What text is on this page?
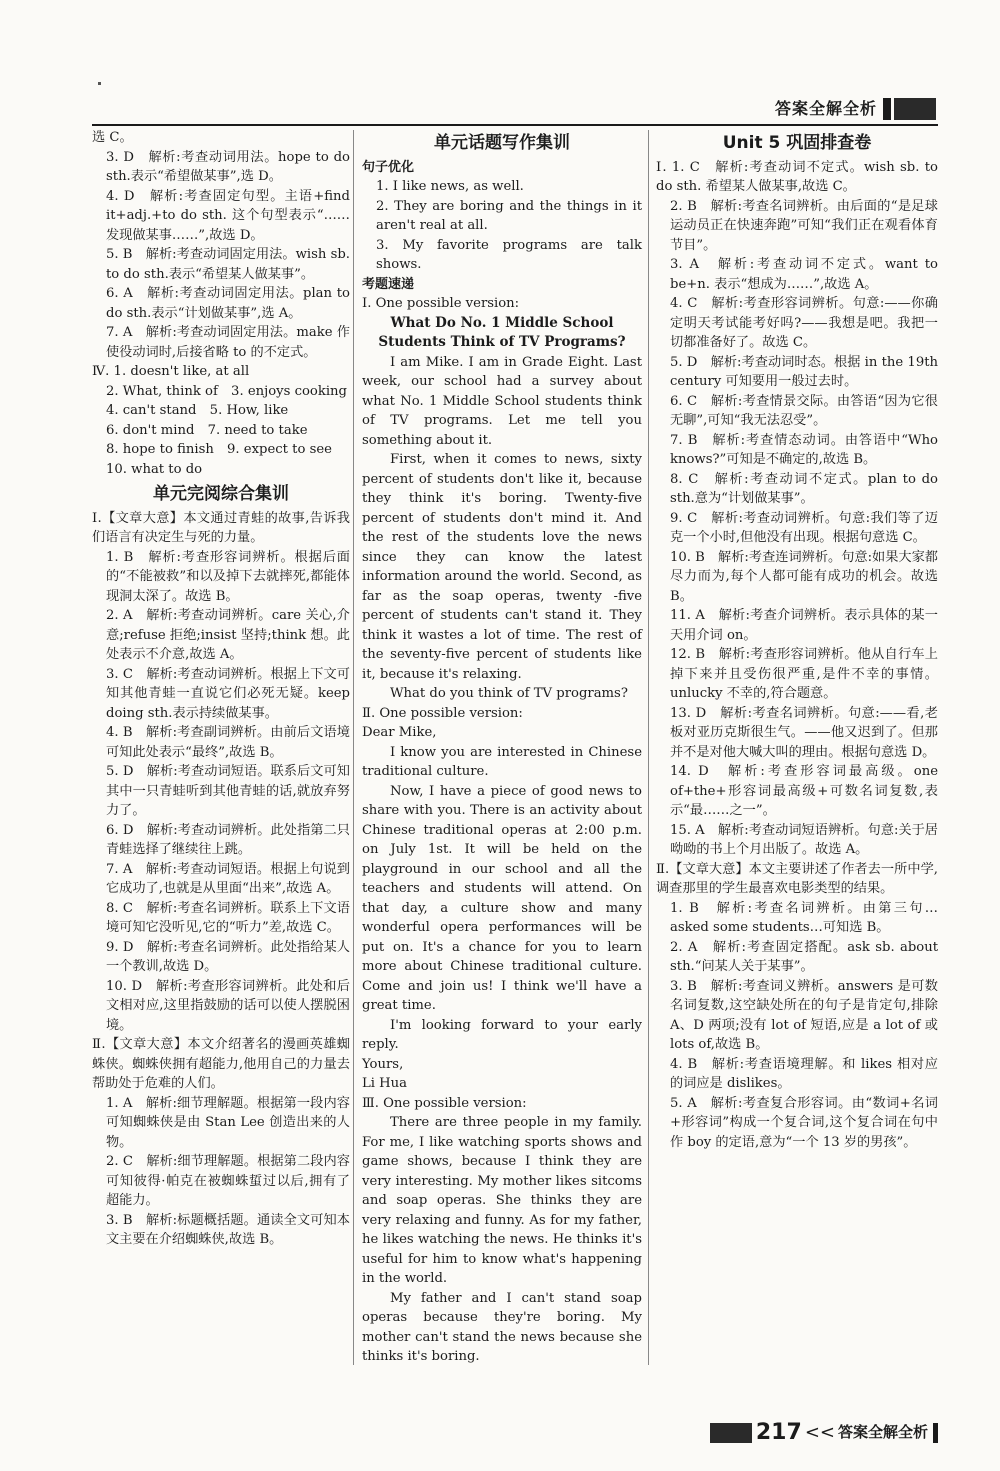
答案全解全析

选 C。

3. D　解析:考查动词用法。hope to do sth.表示“希望做某事”,选 D。

4. D　解析:考查固定句型。主语+find it+adj.+to do sth. 这个句型表示“……发现做某事……”,故选 D。

5. B　解析:考查动词固定用法。wish sb. to do sth.表示“希望某人做某事”。

6. A　解析:考查动词固定用法。plan to do sth.表示“计划做某事”,选 A。

7. A　解析:考查动词固定用法。make 作使役动词时,后接省略 to 的不定式。

Ⅳ. 1. doesn't like, at all

2. What, think of　3. enjoys cooking

4. can't stand　5. How, like

6. don't mind　7. need to take

8. hope to finish　9. expect to see

10. what to do

单元完阅综合集训

Ⅰ.【文章大意】本文通过青蛙的故事,告诉我们语言有决定生与死的力量。

1. B　解析:考查形容词辨析。根据后面的“不能被救”和以及掉下去就摔死,都能体现洞太深了。故选 B。

2. A　解析:考查动词辨析。care 关心,介意;refuse 拒绝;insist 坚持;think 想。此处表示不介意,故选 A。

3. C　解析:考查动词辨析。根据上下文可知其他青蛙一直说它们必死无疑。keep doing sth.表示持续做某事。

4. B　解析:考查副词辨析。由前后文语境可知此处表示“最终”,故选 B。

5. D　解析:考查动词短语。联系后文可知其中一只青蛙听到其他青蛙的话,就放弃努力了。

6. D　解析:考查动词辨析。此处指第二只青蛙选择了继续往上跳。

7. A　解析:考查动词短语。根据上句说到它成功了,也就是从里面“出来”,故选 A。

8. C　解析:考查名词辨析。联系上下文语境可知它没听见,它的“听力”差,故选 C。

9. D　解析:考查名词辨析。此处指给某人一个教训,故选 D。

10. D　解析:考查形容词辨析。此处和后文相对应,这里指鼓励的话可以使人摆脱困境。

Ⅱ.【文章大意】本文介绍著名的漫画英雄蜘蛛侠。蜘蛛侠拥有超能力,他用自己的力量去帮助处于危难的人们。

1. A　解析:细节理解题。根据第一段内容可知蜘蛛侠是由 Stan Lee 创造出来的人物。

2. C　解析:细节理解题。根据第二段内容可知彼得·帕克在被蜘蛛蜇过以后,拥有了超能力。

3. B　解析:标题概括题。通读全文可知本文主要在介绍蜘蛛侠,故选 B。

单元话题写作集训
句子优化

1. I like news, as well.

2. They are boring and the things in it aren't real at all.

3. My favorite programs are talk shows.

考题速递

Ⅰ. One possible version:

What Do No. 1 Middle School Students Think of TV Programs?

I am Mike. I am in Grade Eight. Last week, our school had a survey about what No. 1 Middle School students think of TV programs. Let me tell you something about it.

First, when it comes to news, sixty percent of students don't like it, because they think it's boring. Twenty-five percent of students don't mind it. And the rest of the students love the news since they can know the latest information around the world. Second, as far as the soap operas, twenty -five percent of students can't stand it. They think it wastes a lot of time. The rest of the seventy-five percent of students like it, because it's relaxing.

What do you think of TV programs?

Ⅱ. One possible version:

Dear Mike,

I know you are interested in Chinese traditional culture.

Now, I have a piece of good news to share with you. There is an activity about Chinese traditional operas at 2:00 p.m. on July 1st. It will be held on the playground in our school and all the teachers and students will attend. On that day, a culture show and many wonderful opera performances will be put on. It's a chance for you to learn more about Chinese traditional culture. Come and join us! I think we'll have a great time.

I'm looking forward to your early reply.

Yours,

Li Hua

Ⅲ. One possible version:

There are three people in my family. For me, I like watching sports shows and game shows, because I think they are very interesting. My mother likes sitcoms and soap operas. She thinks they are very relaxing and funny. As for my father, he likes watching the news. He thinks it's useful for him to know what's happening in the world.

My father and I can't stand soap operas because they're boring. My mother can't stand the news because she thinks it's boring.

Unit 5 巩固排查卷

Ⅰ. 1. C　解析:考查动词不定式。wish sb. to do sth. 希望某人做某事,故选 C。

2. B　解析:考查名词辨析。由后面的“是足球运动员正在快速奔跑”可知“我们正在观看体育节目”。

3. A　解析:考查动词不定式。want to be+n. 表示“想成为……”,故选 A。

4. C　解析:考查形容词辨析。句意:——你确定明天考试能考好吗?——我想是吧。我把一切都准备好了。故选 C。

5. D　解析:考查动词时态。根据 in the 19th century 可知要用一般过去时。

6. C　解析:考查情景交际。由答语“因为它很无聊”,可知“我无法忍受”。

7. B　解析:考查情态动词。由答语中“Who knows?”可知是不确定的,故选 B。

8. C　解析:考查动词不定式。plan to do sth.意为“计划做某事”。

9. C　解析:考查动词辨析。句意:我们等了迈克一个小时,但他没有出现。根据句意选 C。

10. B　解析:考查连词辨析。句意:如果大家都尽力而为,每个人都可能有成功的机会。故选 B。

11. A　解析:考查介词辨析。表示具体的某一天用介词 on。

12. B　解析:考查形容词辨析。他从自行车上掉下来并且受伤很严重,是件不幸的事情。unlucky 不幸的,符合题意。

13. D　解析:考查名词辨析。句意:——看,老板对亚历克斯很生气。——他又迟到了。但那并不是对他大喊大叫的理由。根据句意选 D。

14. D　解析:考查形容词最高级。one of+the+形容词最高级+可数名词复数,表示“最……之一”。

15. A　解析:考查动词短语辨析。句意:关于居呦呦的书上个月出版了。故选 A。

Ⅱ.【文章大意】本文主要讲述了作者去一所中学,调查那里的学生最喜欢电影类型的结果。

1. B　解析:考查名词辨析。由第三句… asked some students…可知选 B。

2. A　解析:考查固定搭配。ask sb. about sth.“问某人关于某事”。

3. B　解析:考查词义辨析。answers 是可数名词复数,这空缺处所在的句子是肯定句,排除 A、D 两项;没有 lot of 短语,应是 a lot of 或 lots of,故选 B。

4. B　解析:考查语境理解。和 likes 相对应的词应是 dislikes。

5. A　解析:考查复合形容词。由“数词+名词+形容词”构成一个复合词,这个复合词在句中作 boy 的定语,意为“一个 13 岁的男孩”。

217 << 答案全解全析
